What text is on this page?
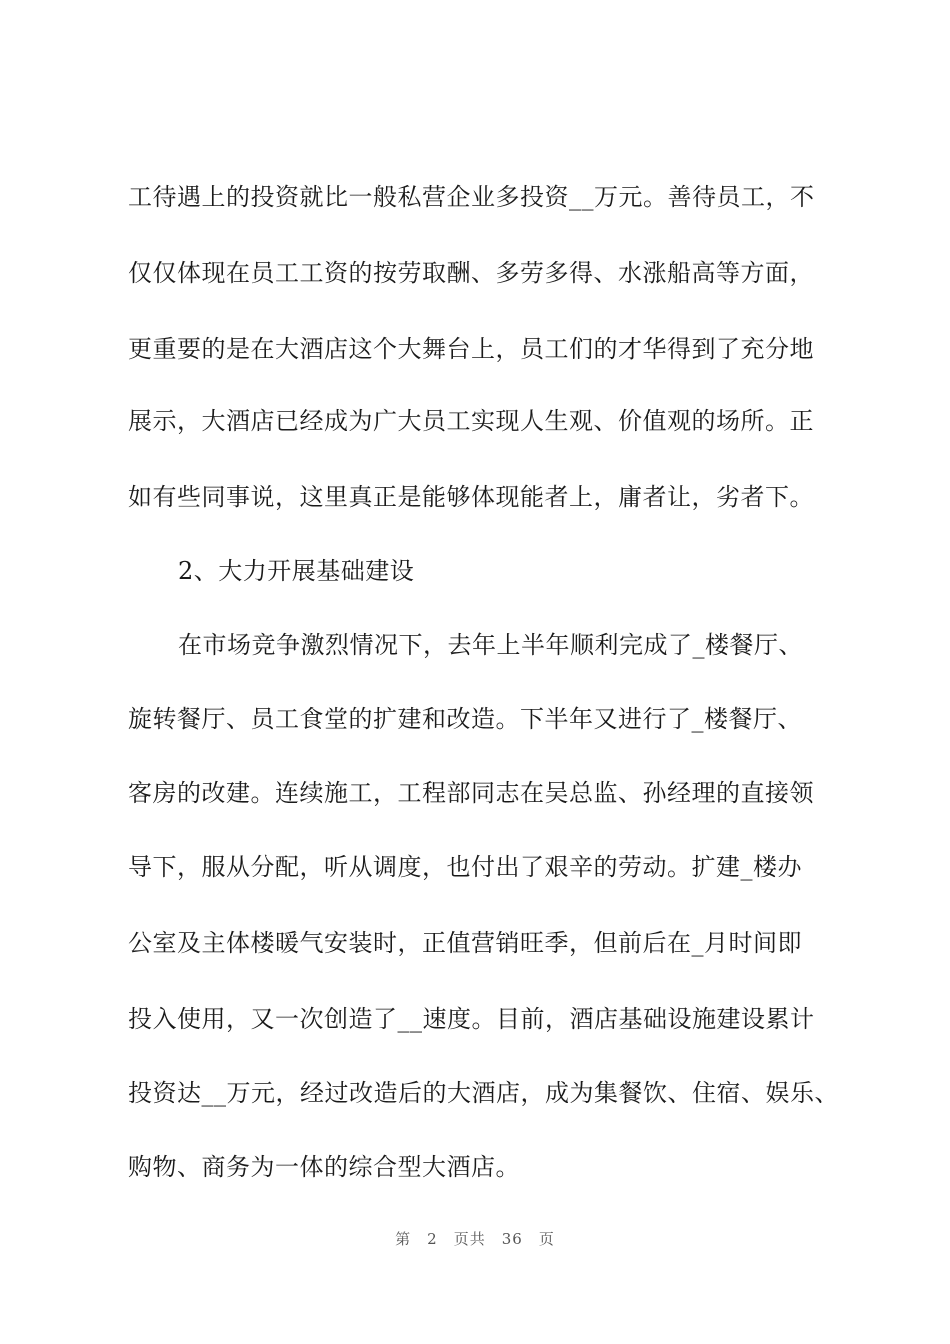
工待遇上的投资就比一般私营企业多投资__万元。善待员工，不
仅仅体现在员工工资的按劳取酬、多劳多得、水涨船高等方面，
更重要的是在大酒店这个大舞台上，员工们的才华得到了充分地
展示，大酒店已经成为广大员工实现人生观、价值观的场所。正
如有些同事说，这里真正是能够体现能者上，庸者让，劣者下。
2、大力开展基础建设
在市场竞争激烈情况下，去年上半年顺利完成了_楼餐厅、
旋转餐厅、员工食堂的扩建和改造。下半年又进行了_楼餐厅、
客房的改建。连续施工，工程部同志在吴总监、孙经理的直接领
导下，服从分配，听从调度，也付出了艰辛的劳动。扩建_楼办
公室及主体楼暖气安装时，正值营销旺季，但前后在_月时间即
投入使用，又一次创造了__速度。目前，酒店基础设施建设累计
投资达__万元，经过改造后的大酒店，成为集餐饮、住宿、娱乐、
购物、商务为一体的综合型大酒店。
第 2 页共 36 页
